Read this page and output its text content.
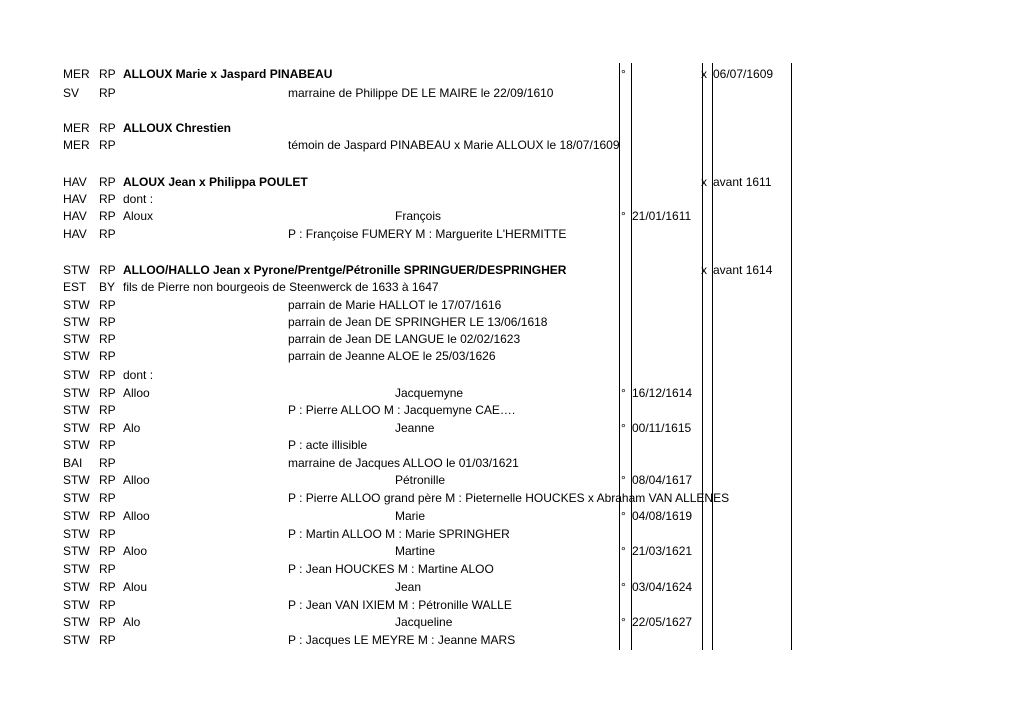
MER RP ALLOUX Marie x Jaspard PINABEAU	°	x 06/07/1609
SV RP	marraine de Philippe DE LE MAIRE le 22/09/1610
MER RP ALLOUX Chrestien
MER RP	témoin de Jaspard PINABEAU x Marie ALLOUX le 18/07/1609
HAV RP ALOUX Jean x Philippa POULET	x avant 1611
HAV RP dont :
HAV RP Aloux	François	° 21/01/1611
HAV RP	P : Françoise FUMERY M : Marguerite L'HERMITTE
STW RP ALLOO/HALLO Jean x Pyrone/Prentge/Pétronille SPRINGUER/DESPRINGHER	x avant 1614
EST BY fils de Pierre non bourgeois de Steenwerck de 1633 à 1647
STW RP	parrain de Marie HALLOT le 17/07/1616
STW RP	parrain de Jean DE SPRINGHER LE 13/06/1618
STW RP	parrain de Jean DE LANGUE le 02/02/1623
STW RP	parrain de Jeanne ALOE le 25/03/1626
STW RP dont :
STW RP Alloo	Jacquemyne	° 16/12/1614
STW RP	P : Pierre ALLOO M : Jacquemyne CAE….
STW RP Alo	Jeanne	° 00/11/1615
STW RP	P : acte illisible
BAI RP	marraine de Jacques ALLOO le 01/03/1621
STW RP Alloo	Pétronille	° 08/04/1617
STW RP	P : Pierre ALLOO grand père M : Pieternelle HOUCKES x Abraham VAN ALLENES
STW RP Alloo	Marie	° 04/08/1619
STW RP	P : Martin ALLOO M : Marie SPRINGHER
STW RP Aloo	Martine	° 21/03/1621
STW RP	P : Jean HOUCKES M : Martine ALOO
STW RP Alou	Jean	° 03/04/1624
STW RP	P : Jean VAN IXIEM M : Pétronille WALLE
STW RP Alo	Jacqueline	° 22/05/1627
STW RP	P : Jacques LE MEYRE M : Jeanne MARS
